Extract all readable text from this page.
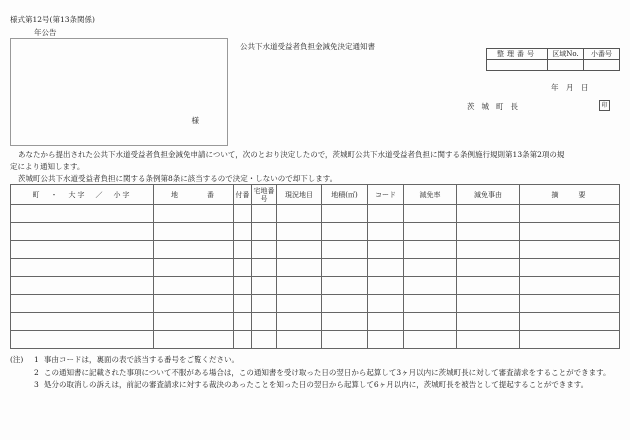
様式第12号(第13条関係)
年公告
様
公共下水道受益者負担金減免決定通知書
整理番号	区域No.	小番号

年　月　日
茨城町長	印
あなたから提出された公共下水道受益者負担金減免申請について，次のとおり決定したので，茨城町公共下水道受益者負担に関する条例施行規則第13条第2項の規
定により通知します。
茨城町公共下水道受益者負担に関する条例第8条に該当するので決定・しないので却下します。
町　・　大字　／　小字	地　　　番	付番	宅地番号	現況地目	地積(㎡)	コード	減免率	減免事由	摘　　要

(注)	1 事由コードは，裏面の表で該当する番号をご覧ください。
2 この通知書に記載された事項について不服がある場合は，この通知書を受け取った日の翌日から起算して3ヶ月以内に茨城町長に対して審査請求をすることができます。
3 処分の取消しの訴えは，前記の審査請求に対する裁決のあったことを知った日の翌日から起算して6ヶ月以内に，茨城町長を被告として提起することができます。
